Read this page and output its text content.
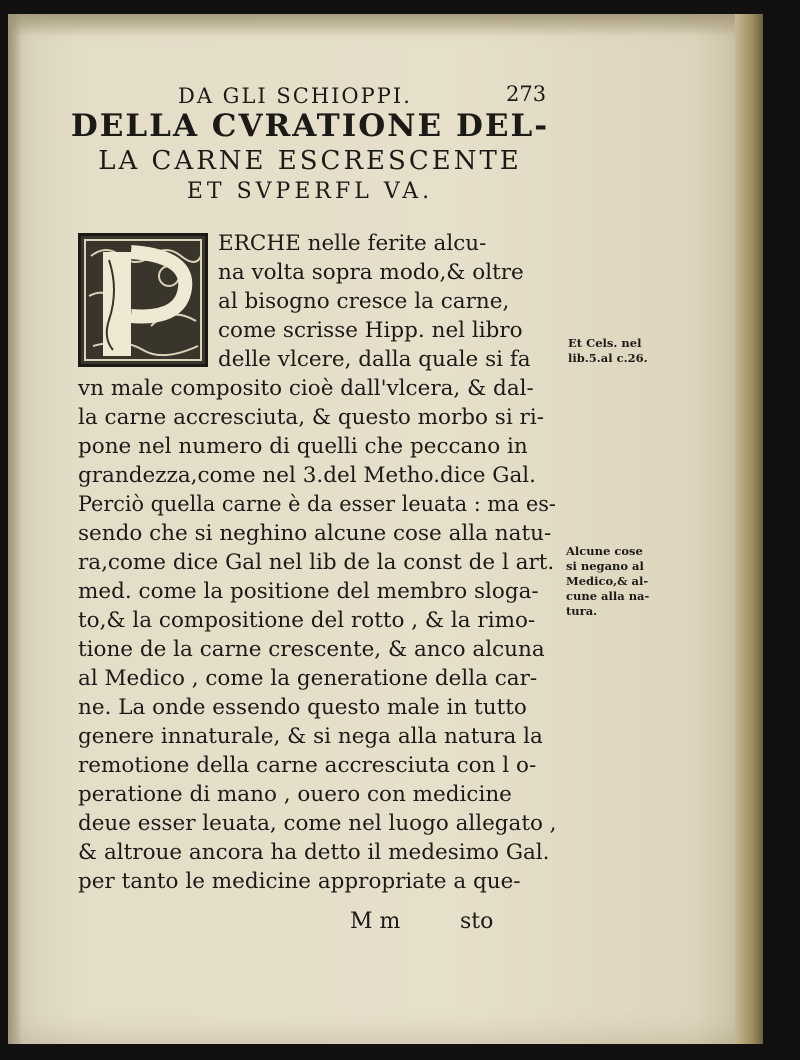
DA GLI SCHIOPPI.	273
DELLA CVRATIONE DEL-
LA CARNE ESCRESCENTE
ET SVPERFL VA.
ERCHE nelle ferite alcu-
na volta sopra modo,& oltre
al bisogno cresce la carne,
come scrisse Hipp. nel libro
delle vlcere, dalla quale si fa
vn male composito cioè dall'vlcera, & dal-
la carne accresciuta, & questo morbo si ri-
pone nel numero di quelli che peccano in
grandezza,come nel 3.del Metho.dice Gal.
Perciò quella carne è da esser leuata : ma es-
sendo che si neghino alcune cose alla natu-
ra,come dice Gal nel lib de la const de l art.
med. come la positione del membro sloga-
to,& la compositione del rotto , & la rimo-
tione de la carne crescente, & anco alcuna
al Medico , come la generatione della car-
ne. La onde essendo questo male in tutto
genere innaturale, & si nega alla natura la
remotione della carne accresciuta con l o-
peratione di mano , ouero con medicine
deue esser leuata, come nel luogo allegato ,
& altroue ancora ha detto il medesimo Gal.
per tanto le medicine appropriate a que-
M m	sto
Et Cels. nel
lib.5.al c.26.
Alcune cose
si negano al
Medico,& al-
cune alla na-
tura.
